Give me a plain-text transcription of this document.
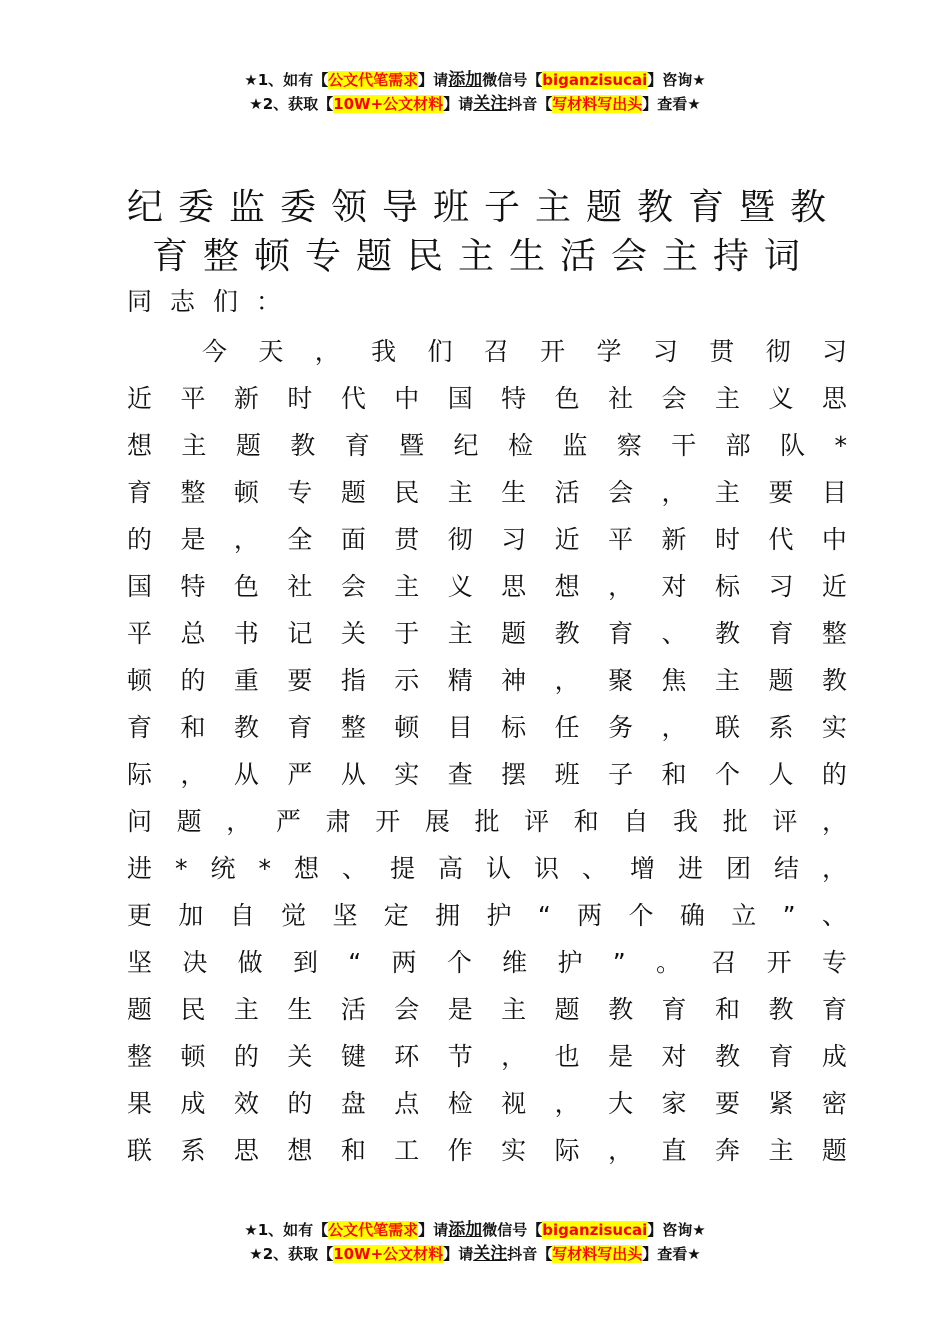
★1、如有【公文代笔需求】请添加微信号【biganzisucai】咨询★
★2、获取【10W+公文材料】请关注抖音【写材料写出头】查看★
纪委监委领导班子主题教育暨教
育整顿专题民主生活会主持词
同志们：
今 天 ， 我 们 召 开 学 习 贯 彻 习
近 平 新 时 代 中 国 特 色 社 会 主 义 思
想 主 题 教 育 暨 纪 检 监 察 干 部 队 *
育 整 顿 专 题 民 主 生 活 会 ， 主 要 目
的 是 ， 全 面 贯 彻 习 近 平 新 时 代 中
国 特 色 社 会 主 义 思 想 ， 对 标 习 近
平 总 书 记 关 于 主 题 教 育 、 教 育 整
顿 的 重 要 指 示 精 神 ， 聚 焦 主 题 教
育 和 教 育 整 顿 目 标 任 务 ， 联 系 实
际 ， 从 严 从 实 查 摆 班 子 和 个 人 的
问 题 ， 严 肃 开 展 批 评 和 自 我 批 评 ，
进 * 统 * 想 、 提 高 认 识 、 增 进 团 结 ，
更 加 自 觉 坚 定 拥 护 “ 两 个 确 立 ” 、
坚 决 做 到 “ 两 个 维 护 ” 。 召 开 专
题 民 主 生 活 会 是 主 题 教 育 和 教 育
整 顿 的 关 键 环 节 ， 也 是 对 教 育 成
果 成 效 的 盘 点 检 视 ， 大 家 要 紧 密
联 系 思 想 和 工 作 实 际 ， 直 奔 主 题
★1、如有【公文代笔需求】请添加微信号【biganzisucai】咨询★
★2、获取【10W+公文材料】请关注抖音【写材料写出头】查看★
